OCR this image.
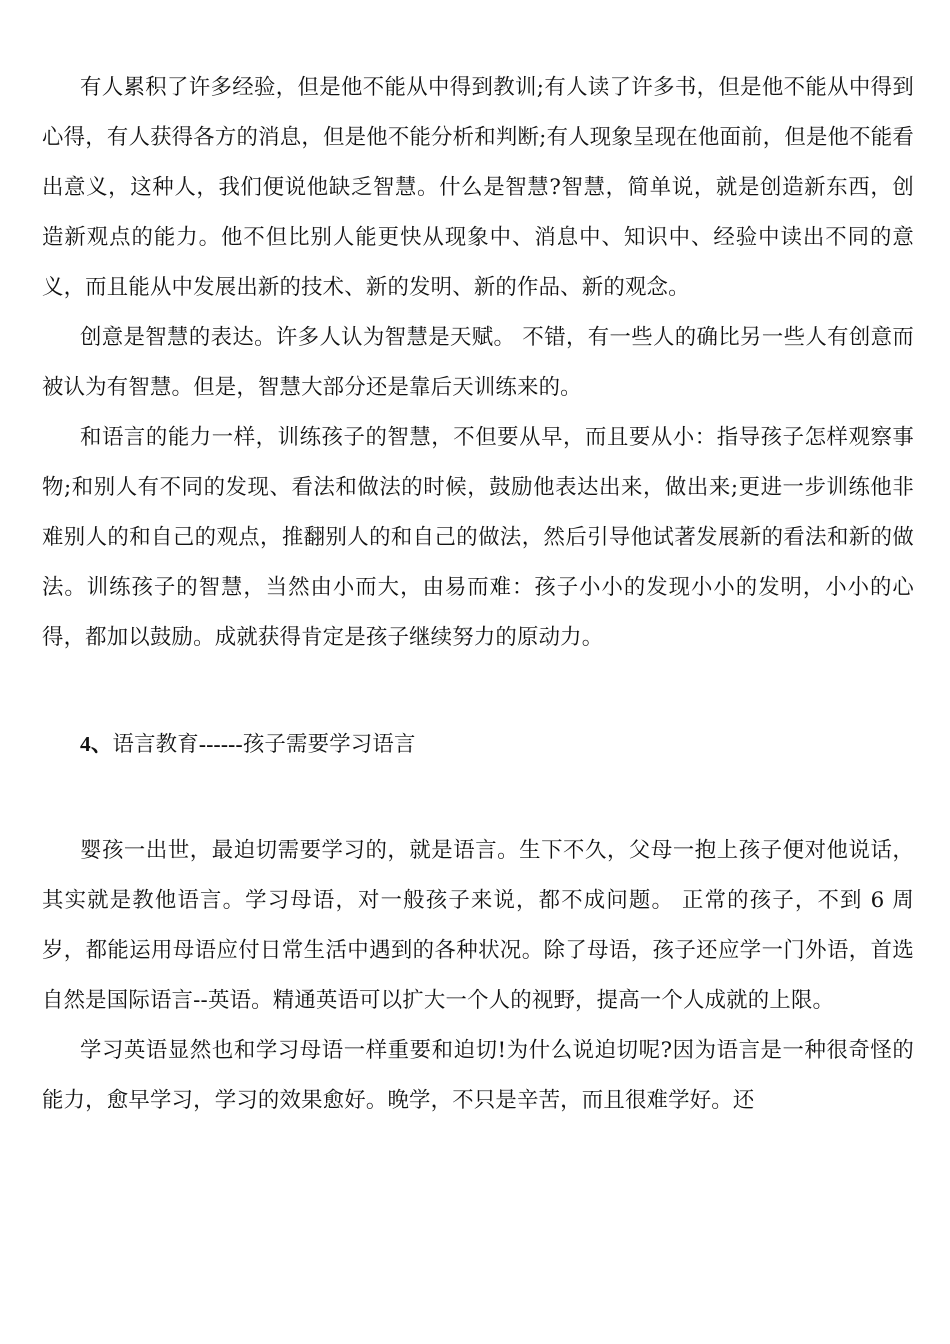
有人累积了许多经验，但是他不能从中得到教训;有人读了许多书，但是他不能从中得到心得，有人获得各方的消息，但是他不能分析和判断;有人现象呈现在他面前，但是他不能看出意义，这种人，我们便说他缺乏智慧。什么是智慧?智慧，简单说，就是创造新东西，创造新观点的能力。他不但比别人能更快从现象中、消息中、知识中、经验中读出不同的意义，而且能从中发展出新的技术、新的发明、新的作品、新的观念。

创意是智慧的表达。许多人认为智慧是天赋。 不错，有一些人的确比另一些人有创意而被认为有智慧。但是，智慧大部分还是靠后天训练来的。

和语言的能力一样，训练孩子的智慧，不但要从早，而且要从小：指导孩子怎样观察事物;和别人有不同的发现、看法和做法的时候，鼓励他表达出来，做出来;更进一步训练他非难别人的和自己的观点，推翻别人的和自己的做法，然后引导他试著发展新的看法和新的做法。训练孩子的智慧，当然由小而大，由易而难：孩子小小的发现小小的发明，小小的心得，都加以鼓励。成就获得肯定是孩子继续努力的原动力。

4、语言教育------孩子需要学习语言

婴孩一出世，最迫切需要学习的，就是语言。生下不久，父母一抱上孩子便对他说话，其实就是教他语言。学习母语，对一般孩子来说，都不成问题。 正常的孩子，不到 6 周岁，都能运用母语应付日常生活中遇到的各种状况。除了母语，孩子还应学一门外语，首选自然是国际语言--英语。精通英语可以扩大一个人的视野，提高一个人成就的上限。

学习英语显然也和学习母语一样重要和迫切!为什么说迫切呢?因为语言是一种很奇怪的能力，愈早学习，学习的效果愈好。晚学，不只是辛苦，而且很难学好。还
